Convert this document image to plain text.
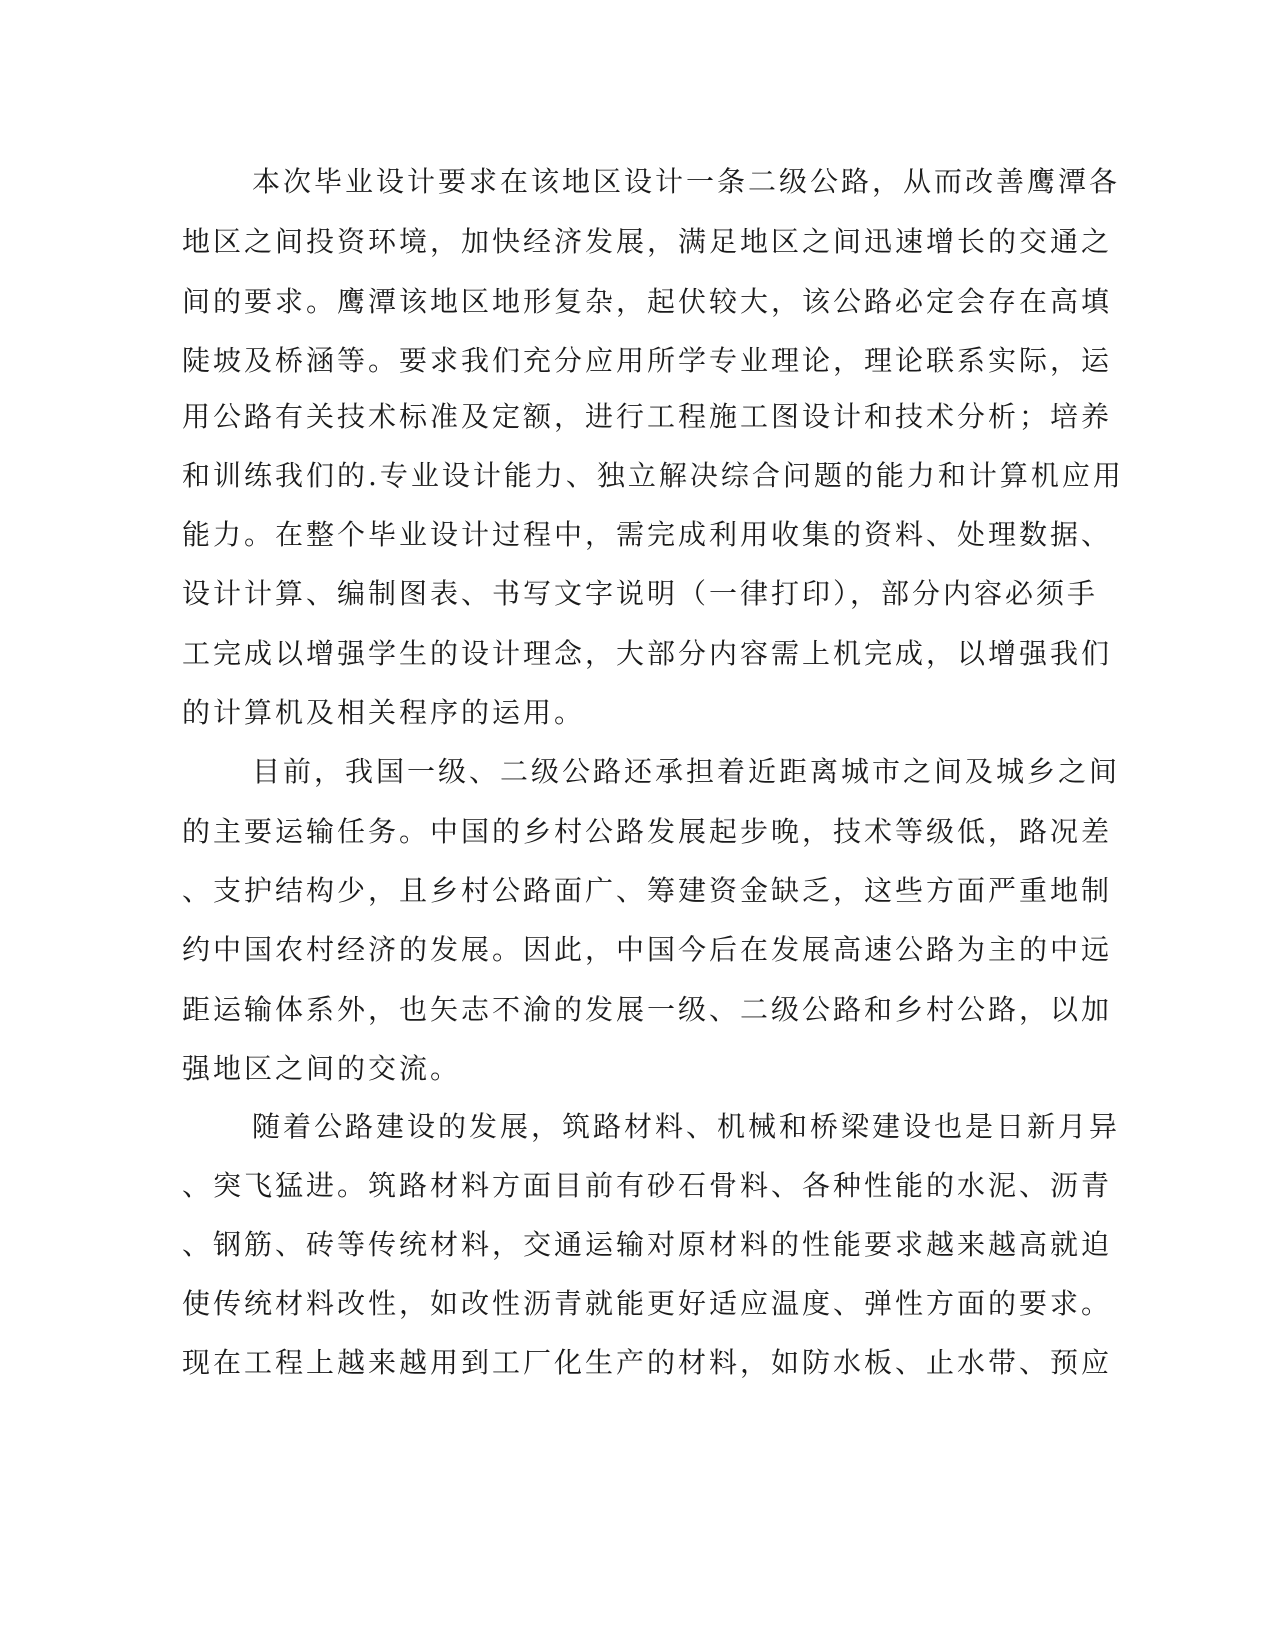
本次毕业设计要求在该地区设计一条二级公路，从而改善鹰潭各
地区之间投资环境，加快经济发展，满足地区之间迅速增长的交通之
间的要求。鹰潭该地区地形复杂，起伏较大，该公路必定会存在高填
陡坡及桥涵等。要求我们充分应用所学专业理论，理论联系实际，运
用公路有关技术标准及定额，进行工程施工图设计和技术分析；培养
和训练我们的.专业设计能力、独立解决综合问题的能力和计算机应用
能力。在整个毕业设计过程中，需完成利用收集的资料、处理数据、
设计计算、编制图表、书写文字说明（一律打印），部分内容必须手
工完成以增强学生的设计理念，大部分内容需上机完成，以增强我们
的计算机及相关程序的运用。
目前，我国一级、二级公路还承担着近距离城市之间及城乡之间
的主要运输任务。中国的乡村公路发展起步晚，技术等级低，路况差
、支护结构少，且乡村公路面广、筹建资金缺乏，这些方面严重地制
约中国农村经济的发展。因此，中国今后在发展高速公路为主的中远
距运输体系外，也矢志不渝的发展一级、二级公路和乡村公路，以加
强地区之间的交流。
随着公路建设的发展，筑路材料、机械和桥梁建设也是日新月异
、突飞猛进。筑路材料方面目前有砂石骨料、各种性能的水泥、沥青
、钢筋、砖等传统材料，交通运输对原材料的性能要求越来越高就迫
使传统材料改性，如改性沥青就能更好适应温度、弹性方面的要求。
现在工程上越来越用到工厂化生产的材料，如防水板、止水带、预应
